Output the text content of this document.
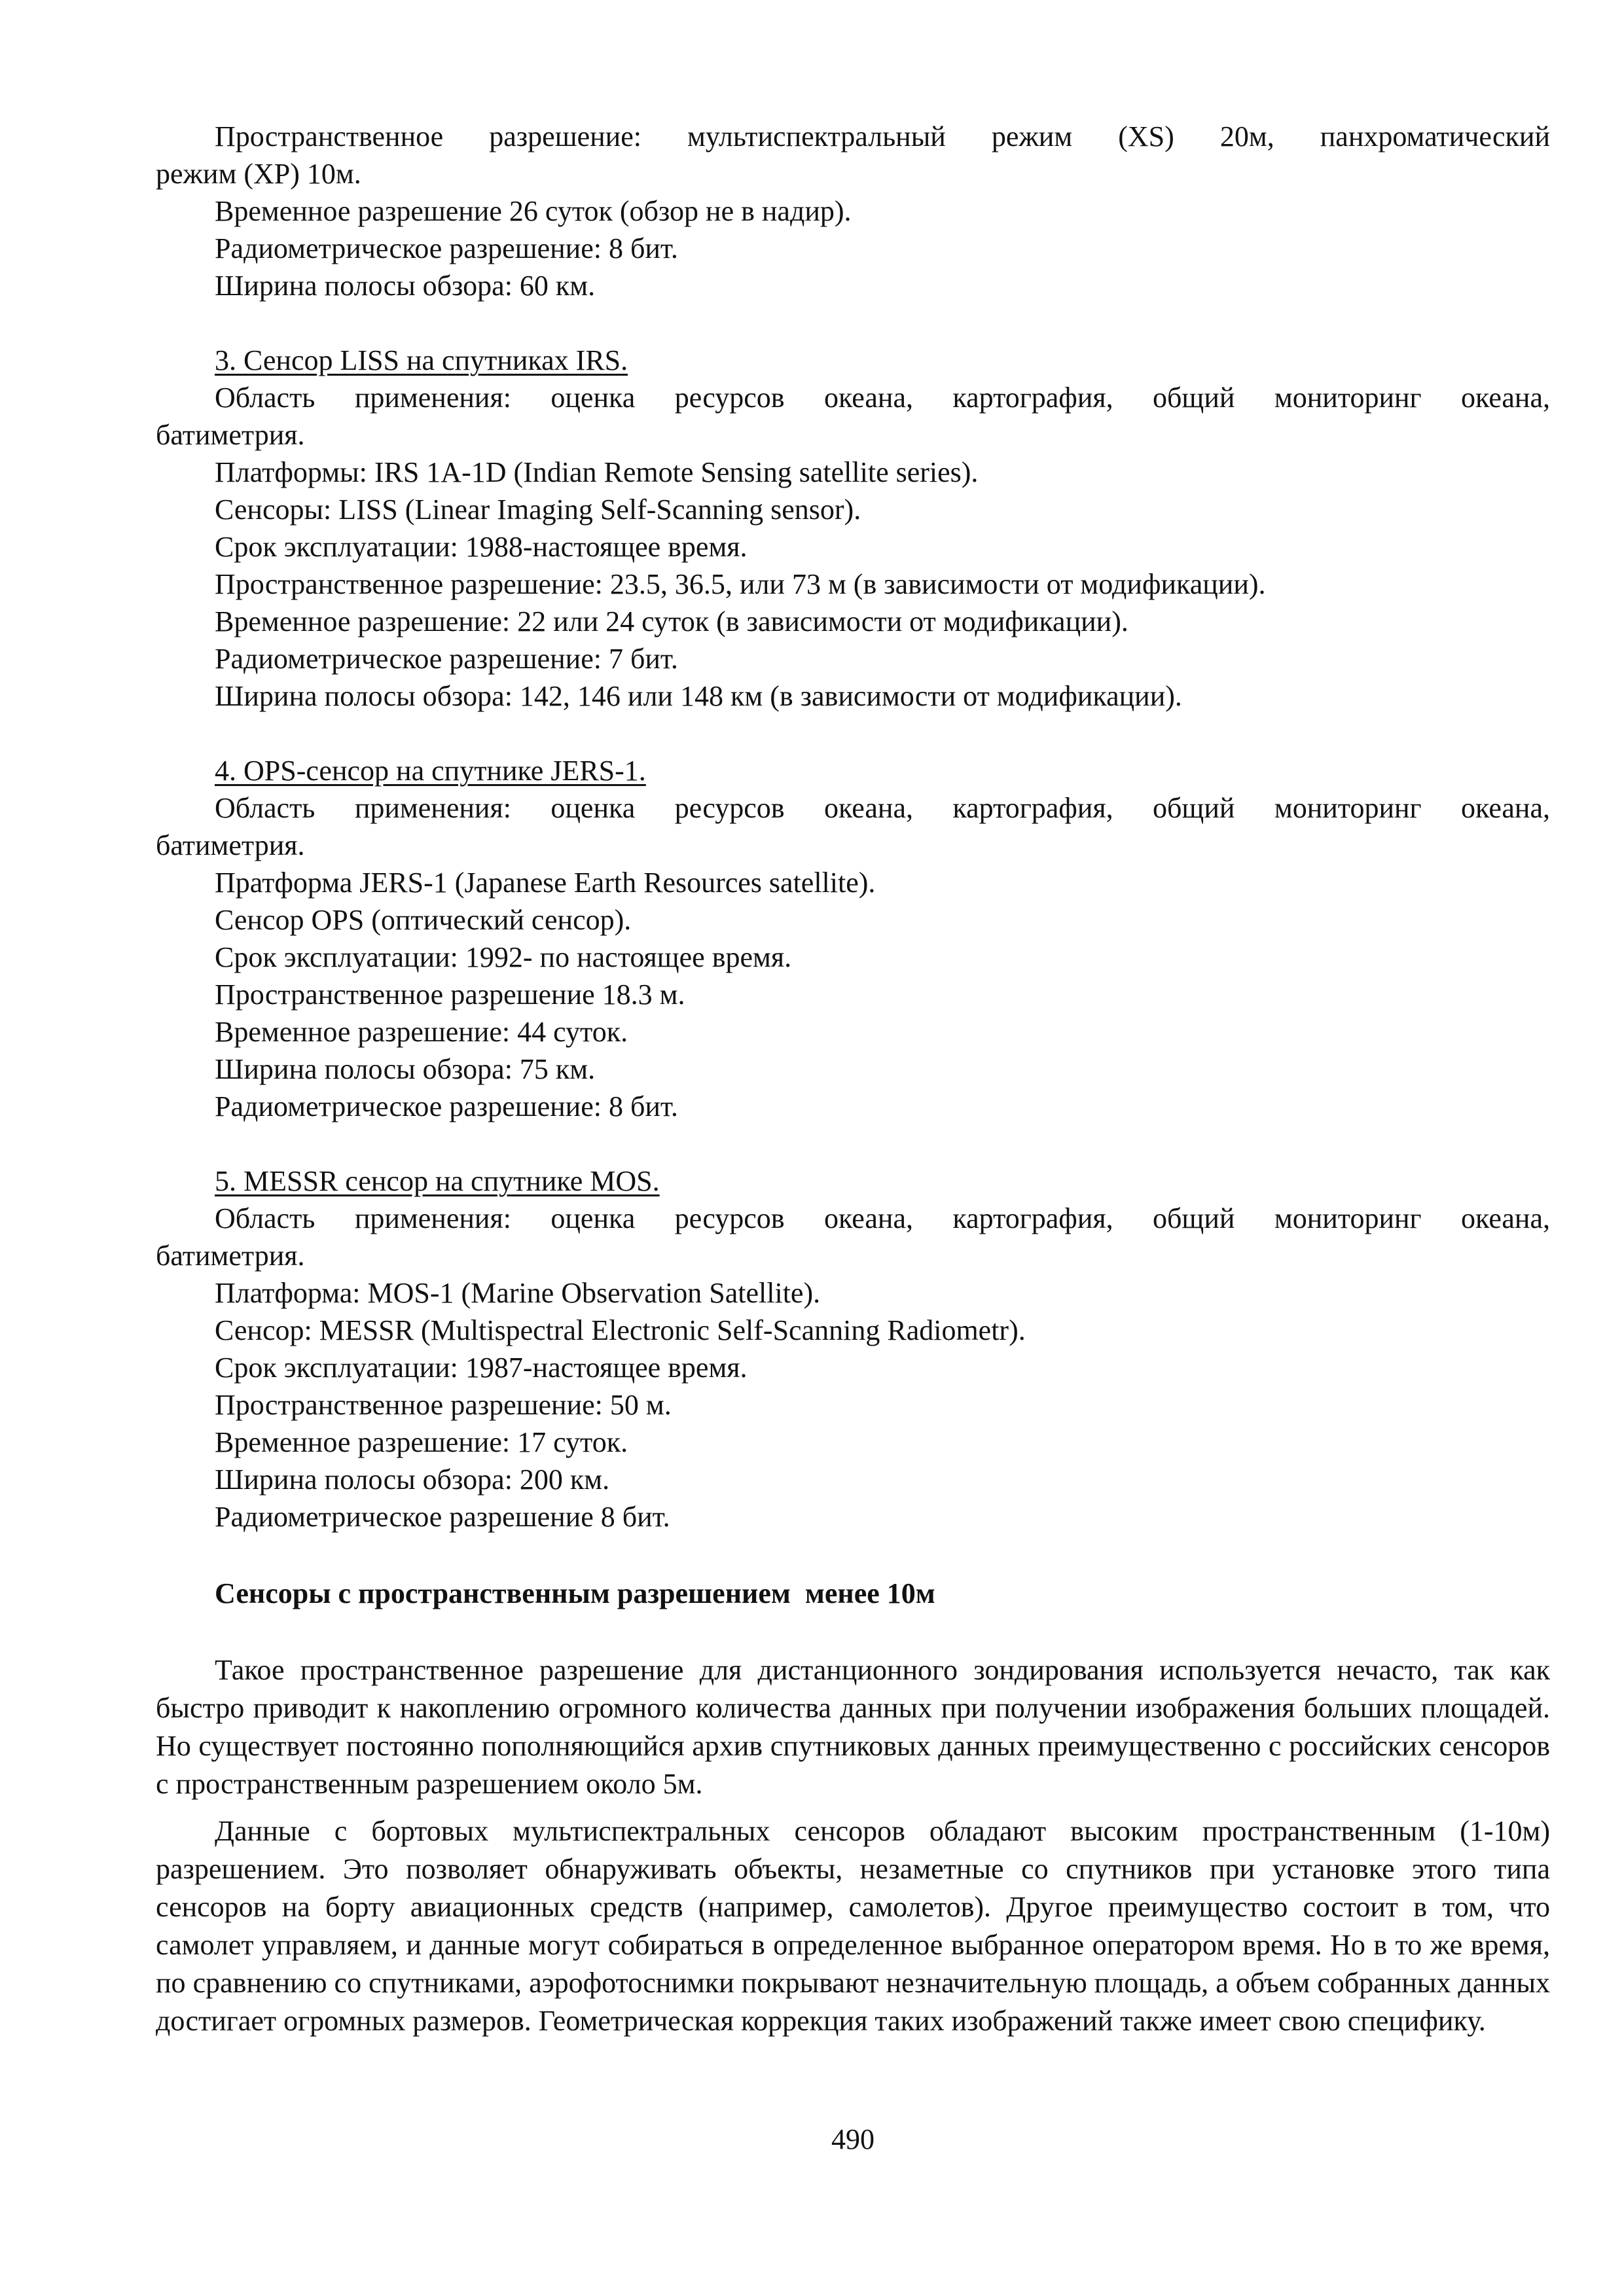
Пространственное разрешение: мультиспектральный режим (XS) 20м, панхроматический

режим (XP) 10м.

Временное разрешение 26 суток (обзор не в надир).

Радиометрическое разрешение: 8 бит.

Ширина полосы обзора: 60 км.

3. Сенсор LISS на спутниках IRS.

Область применения: оценка ресурсов океана, картография, общий мониторинг океана,

батиметрия.

Платформы: IRS 1A-1D (Indian Remote Sensing satellite series).

Сенсоры: LISS (Linear Imaging Self-Scanning sensor).

Срок эксплуатации: 1988-настоящее время.

Пространственное разрешение: 23.5, 36.5, или 73 м (в зависимости от модификации).

Временное разрешение: 22 или 24 суток (в зависимости от модификации).

Радиометрическое разрешение: 7 бит.

Ширина полосы обзора: 142, 146 или 148 км (в зависимости от модификации).

4. OPS-сенсор на спутнике JERS-1.

Область применения: оценка ресурсов океана, картография, общий мониторинг океана,

батиметрия.

Пратформа JERS-1 (Japanese Earth Resources satellite).

Сенсор OPS (оптический сенсор).

Срок эксплуатации: 1992- по настоящее время.

Пространственное разрешение 18.3 м.

Временное разрешение: 44 суток.

Ширина полосы обзора: 75 км.

Радиометрическое разрешение: 8 бит.

5. MESSR сенсор на спутнике MOS.

Область применения: оценка ресурсов океана, картография, общий мониторинг океана,

батиметрия.

Платформа: MOS-1 (Marine Observation Satellite).

Сенсор: MESSR (Multispectral Electronic Self-Scanning Radiometr).

Срок эксплуатации: 1987-настоящее время.

Пространственное разрешение: 50 м.

Временное разрешение: 17 суток.

Ширина полосы обзора: 200 км.

Радиометрическое разрешение 8 бит.

Сенсоры с пространственным разрешением  менее 10м

Такое пространственное разрешение для дистанционного зондирования используется нечасто, так как быстро приводит к накоплению огромного количества данных при получении изображения больших площадей. Но существует постоянно пополняющийся архив спутниковых данных преимущественно с российских сенсоров с пространственным разрешением около 5м.

Данные с бортовых мультиспектральных сенсоров обладают высоким пространственным (1-10м) разрешением. Это позволяет обнаруживать объекты, незаметные со спутников при установке этого типа сенсоров на борту авиационных средств (например, самолетов). Другое преимущество состоит в том, что самолет управляем, и данные могут собираться в определенное выбранное оператором время. Но в то же время, по сравнению со спутниками, аэрофотоснимки покрывают незначительную площадь, а объем собранных данных достигает огромных размеров. Геометрическая коррекция таких изображений также имеет свою специфику.

490
